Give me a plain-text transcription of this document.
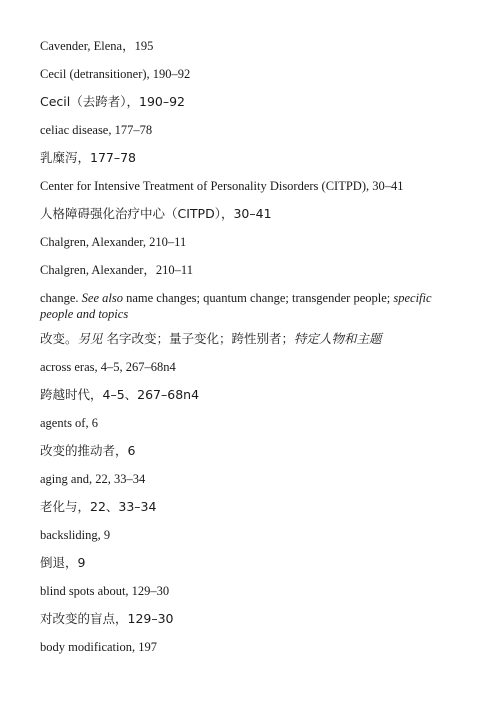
Cavender, Elena，195
Cecil (detransitioner), 190–92
Cecil（去跨者），190–92
celiac disease, 177–78
乳糜泻，177–78
Center for Intensive Treatment of Personality Disorders (CITPD), 30–41
人格障碍强化治疗中心（CITPD），30–41
Chalgren, Alexander, 210–11
Chalgren, Alexander，210–11
change. See also name changes; quantum change; transgender people; specific people and topics
改变。另见 名字改变；量子变化；跨性别者；特定人物和主题
across eras, 4–5, 267–68n4
跨越时代，4–5、267–68n4
agents of, 6
改变的推动者，6
aging and, 22, 33–34
老化与，22、33–34
backsliding, 9
倒退，9
blind spots about, 129–30
对改变的盲点，129–30
body modification, 197
